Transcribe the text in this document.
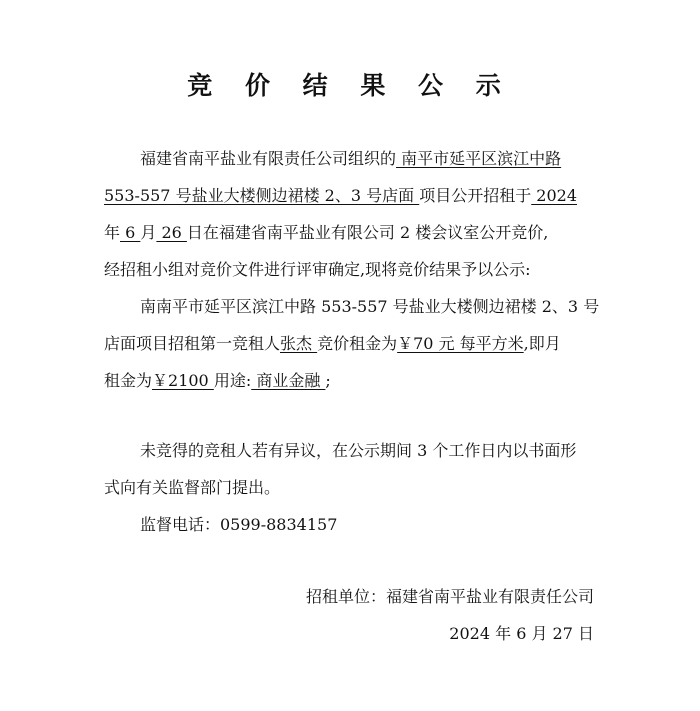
竞 价 结 果 公 示
福建省南平盐业有限责任公司组织的 南平市延平区滨江中路
553-557 号盐业大楼侧边裙楼 2、3 号店面 项目公开招租于 2024
年 6 月 26 日在福建省南平盐业有限公司 2 楼会议室公开竞价,
经招租小组对竞价文件进行评审确定,现将竞价结果予以公示:
南南平市延平区滨江中路 553-557 号盐业大楼侧边裙楼 2、3 号
店面项目招租第一竞租人张杰 竞价租金为￥70 元 每平方米,即月
租金为￥2100 用途: 商业金融 ;
未竞得的竞租人若有异议，在公示期间 3 个工作日内以书面形
式向有关监督部门提出。
监督电话：0599-8834157
招租单位：福建省南平盐业有限责任公司
2024 年 6 月 27 日
